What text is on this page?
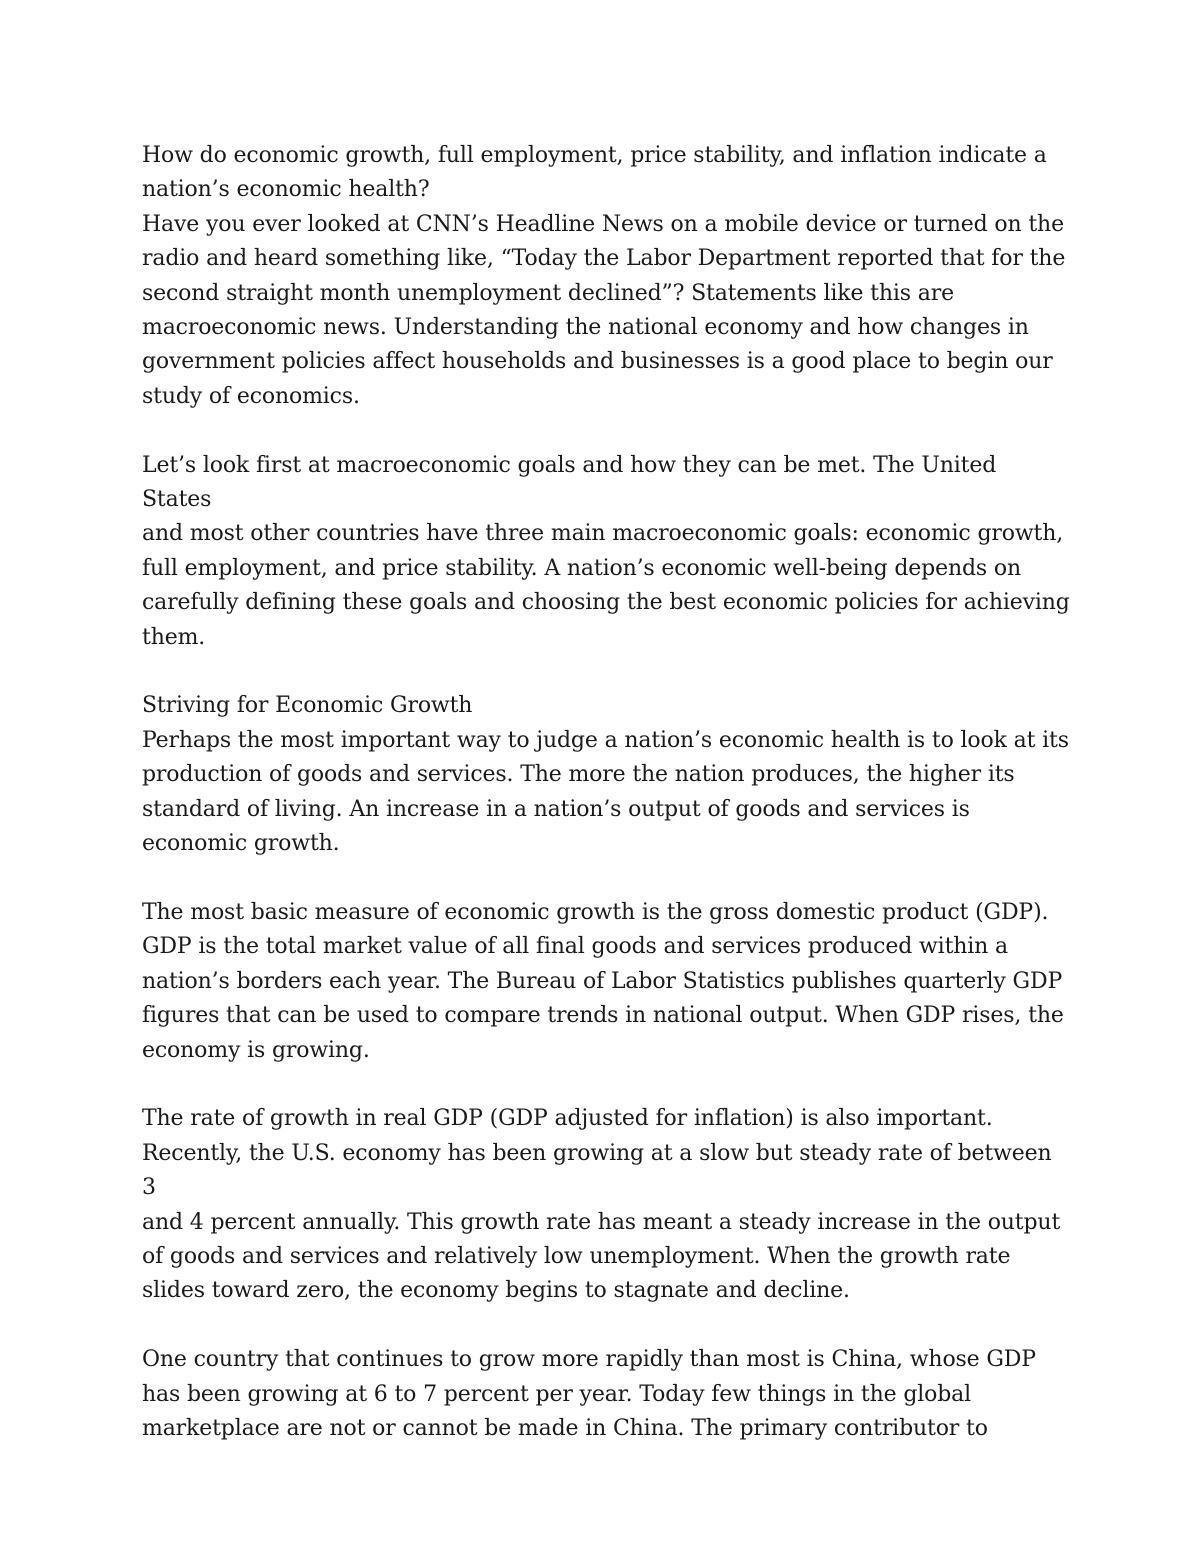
How do economic growth, full employment, price stability, and inflation indicate a
nation’s economic health?

Have you ever looked at CNN’s Headline News on a mobile device or turned on the
radio and heard something like, “Today the Labor Department reported that for the
second straight month unemployment declined”? Statements like this are
macroeconomic news. Understanding the national economy and how changes in
government policies affect households and businesses is a good place to begin our
study of economics.

Let’s look first at macroeconomic goals and how they can be met. The United States
and most other countries have three main macroeconomic goals: economic growth,
full employment, and price stability. A nation’s economic well-being depends on
carefully defining these goals and choosing the best economic policies for achieving
them.

Striving for Economic Growth

Perhaps the most important way to judge a nation’s economic health is to look at its
production of goods and services. The more the nation produces, the higher its
standard of living. An increase in a nation’s output of goods and services is
economic growth.

The most basic measure of economic growth is the gross domestic product (GDP).
GDP is the total market value of all final goods and services produced within a
nation’s borders each year. The Bureau of Labor Statistics publishes quarterly GDP
figures that can be used to compare trends in national output. When GDP rises, the
economy is growing.

The rate of growth in real GDP (GDP adjusted for inflation) is also important.
Recently, the U.S. economy has been growing at a slow but steady rate of between 3
and 4 percent annually. This growth rate has meant a steady increase in the output
of goods and services and relatively low unemployment. When the growth rate
slides toward zero, the economy begins to stagnate and decline.

One country that continues to grow more rapidly than most is China, whose GDP
has been growing at 6 to 7 percent per year. Today few things in the global
marketplace are not or cannot be made in China. The primary contributor to
